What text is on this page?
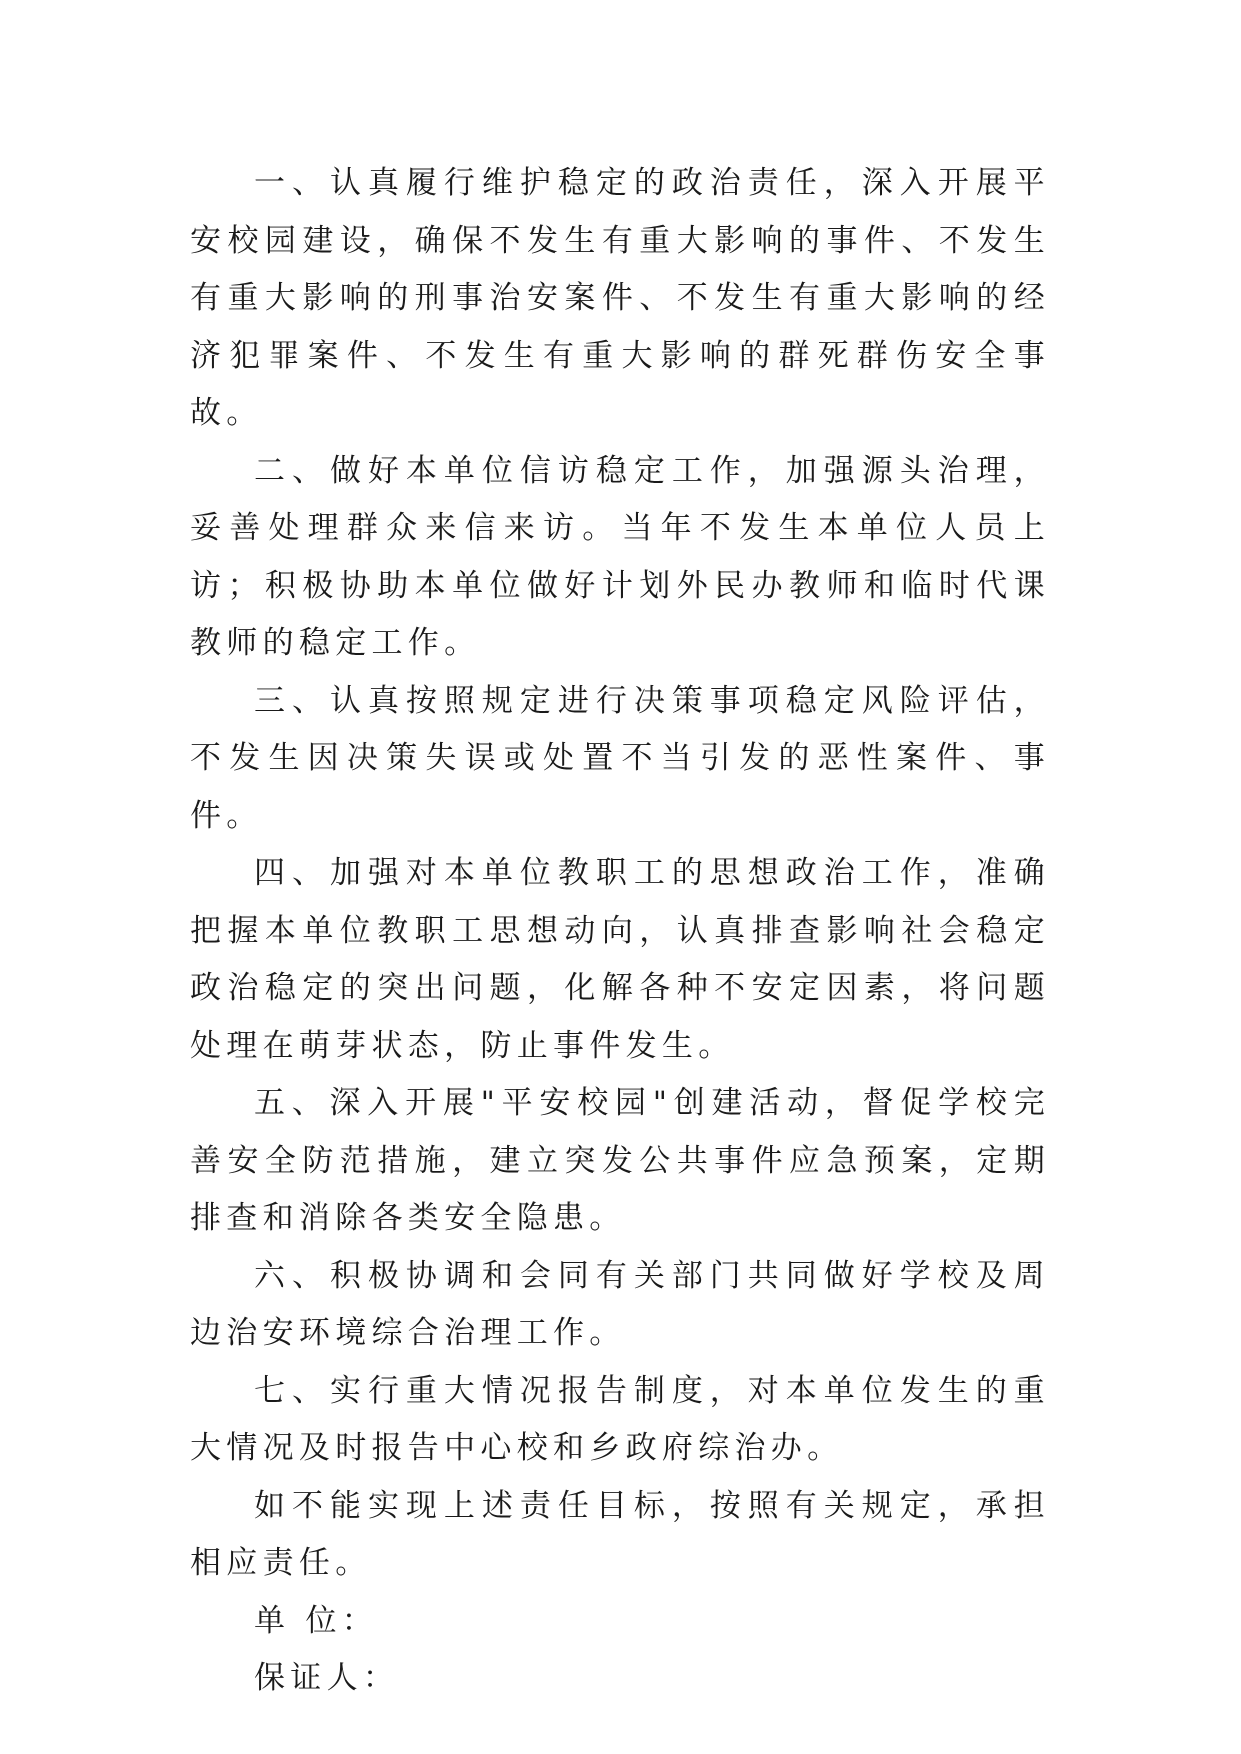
一、认真履行维护稳定的政治责任，深入开展平安校园建设，确保不发生有重大影响的事件、不发生有重大影响的刑事治安案件、不发生有重大影响的经济犯罪案件、不发生有重大影响的群死群伤安全事故。

二、做好本单位信访稳定工作，加强源头治理，妥善处理群众来信来访。当年不发生本单位人员上访；积极协助本单位做好计划外民办教师和临时代课教师的稳定工作。

三、认真按照规定进行决策事项稳定风险评估，不发生因决策失误或处置不当引发的恶性案件、事件。

四、加强对本单位教职工的思想政治工作，准确把握本单位教职工思想动向，认真排查影响社会稳定政治稳定的突出问题，化解各种不安定因素，将问题处理在萌芽状态，防止事件发生。

五、深入开展"平安校园"创建活动，督促学校完善安全防范措施，建立突发公共事件应急预案，定期排查和消除各类安全隐患。

六、积极协调和会同有关部门共同做好学校及周边治安环境综合治理工作。

七、实行重大情况报告制度，对本单位发生的重大情况及时报告中心校和乡政府综治办。

如不能实现上述责任目标，按照有关规定，承担相应责任。

单 位：

保证人：
